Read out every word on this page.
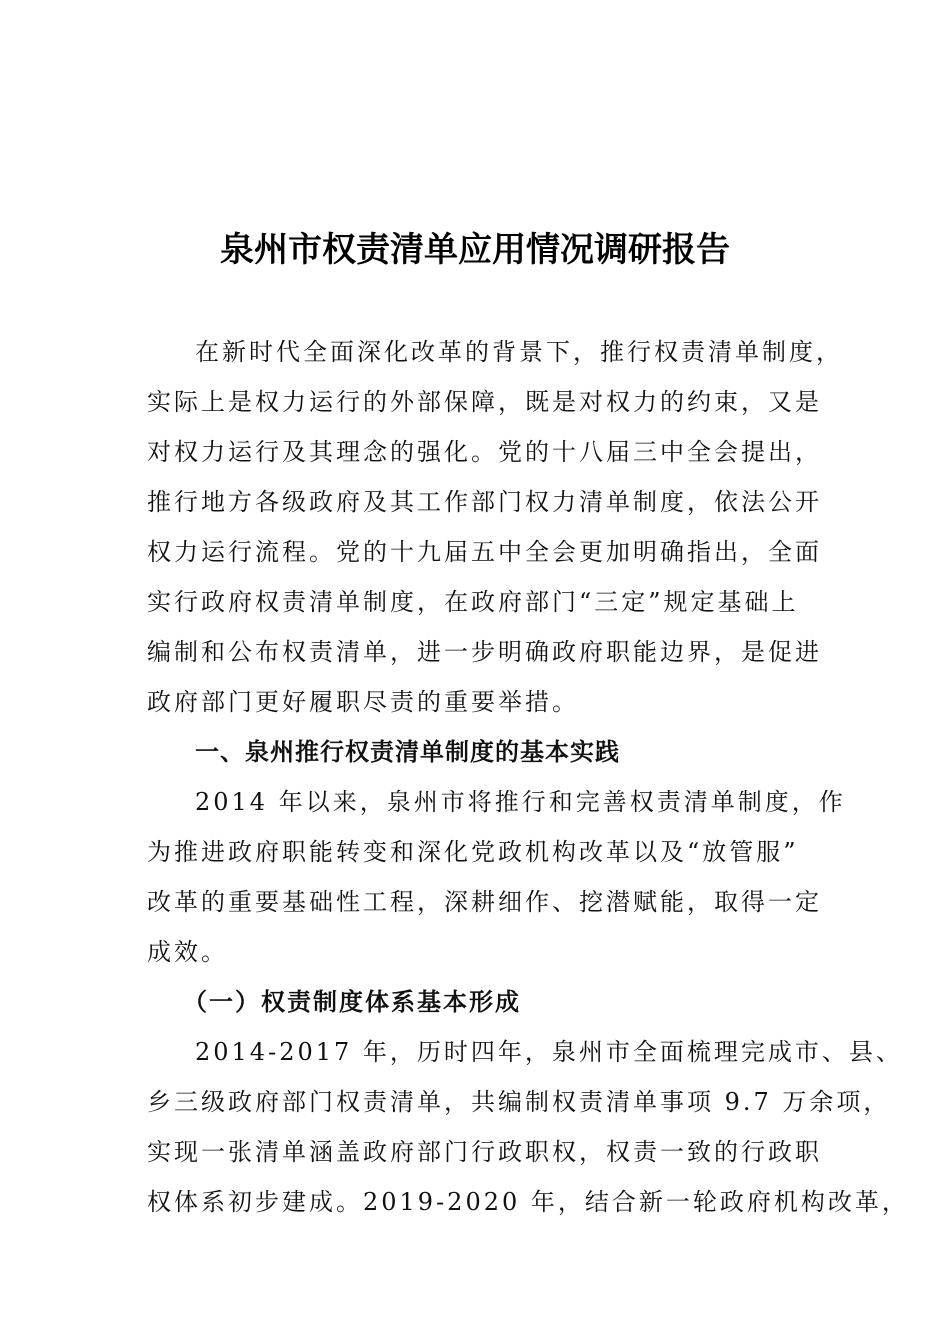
泉州市权责清单应用情况调研报告
在新时代全面深化改革的背景下，推行权责清单制度，
实际上是权力运行的外部保障，既是对权力的约束，又是
对权力运行及其理念的强化。党的十八届三中全会提出，
推行地方各级政府及其工作部门权力清单制度，依法公开
权力运行流程。党的十九届五中全会更加明确指出，全面
实行政府权责清单制度，在政府部门“三定”规定基础上
编制和公布权责清单，进一步明确政府职能边界，是促进
政府部门更好履职尽责的重要举措。
一、泉州推行权责清单制度的基本实践
2014 年以来，泉州市将推行和完善权责清单制度，作
为推进政府职能转变和深化党政机构改革以及“放管服”
改革的重要基础性工程，深耕细作、挖潜赋能，取得一定
成效。
（一）权责制度体系基本形成
2014-2017 年，历时四年，泉州市全面梳理完成市、县、
乡三级政府部门权责清单，共编制权责清单事项 9.7 万余项，
实现一张清单涵盖政府部门行政职权，权责一致的行政职
权体系初步建成。2019-2020 年，结合新一轮政府机构改革，
